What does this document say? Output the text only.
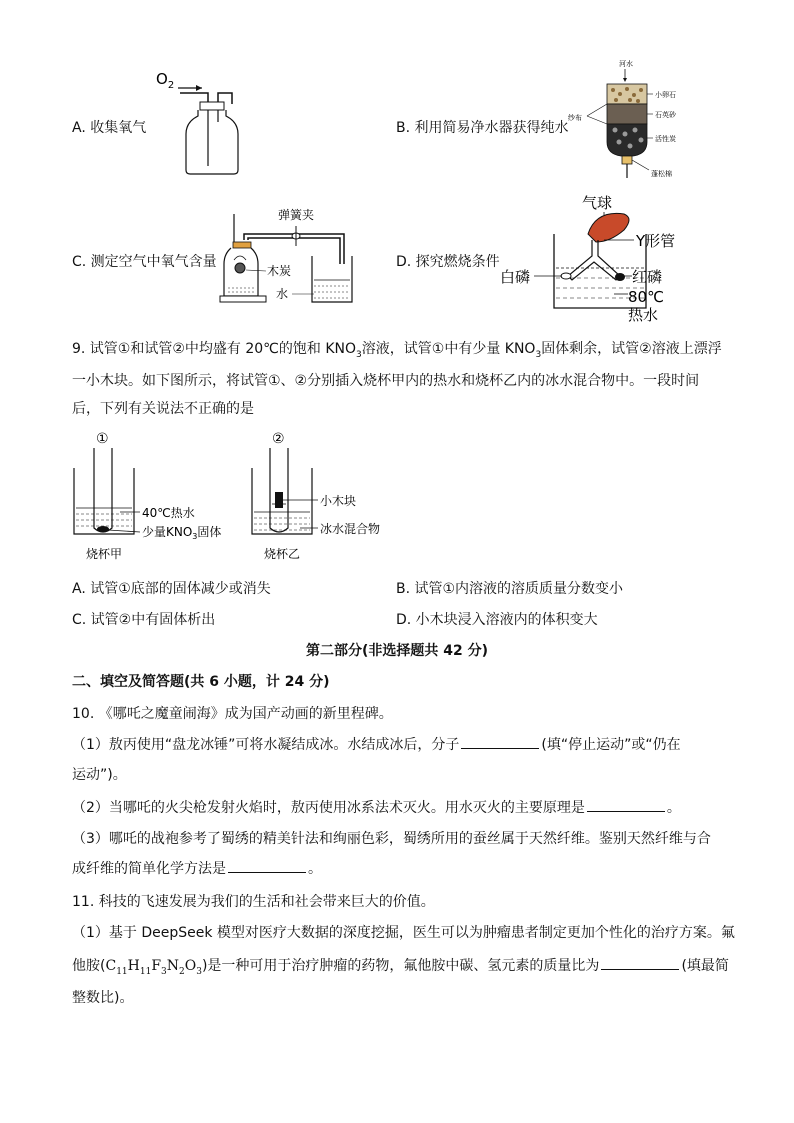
A. 收集氧气
$O_2$
B. 利用简易净水器获得纯水
河水
纱布
小卵石
石英砂
活性炭
蓬松棉
C. 测定空气中氧气含量
弹簧夹
木炭
水
D. 探究燃烧条件
气球
Y形管
白磷	红磷
80℃
热水
9. 试管①和试管②中均盛有 20℃的饱和 $KNO_3$溶液，试管①中有少量 $KNO_3$固体剩余，试管②溶液上漂浮
一小木块。如下图所示，将试管①、②分别插入烧杯甲内的热水和烧杯乙内的冰水混合物中。一段时间
后，下列有关说法不正确的是
①
40℃热水
少量$KNO_3$固体
烧杯甲
②
小木块
冰水混合物
烧杯乙
A. 试管①底部的固体减少或消失	B. 试管①内溶液的溶质质量分数变小
C. 试管②中有固体析出	D. 小木块浸入溶液内的体积变大
第二部分(非选择题共 42 分)
二、填空及简答题(共 6 小题，计 24 分)
10. 《哪吒之魔童闹海》成为国产动画的新里程碑。
（1）敖丙使用“盘龙冰锤”可将水凝结成冰。水结成冰后，分子	(填“停止运动”或“仍在
运动”)。
（2）当哪吒的火尖枪发射火焰时，敖丙使用冰系法术灭火。用水灭火的主要原理是	。
（3）哪吒的战袍参考了蜀绣的精美针法和绚丽色彩，蜀绣所用的蚕丝属于天然纤维。鉴别天然纤维与合
成纤维的简单化学方法是	。
11. 科技的飞速发展为我们的生活和社会带来巨大的价值。
（1）基于 DeepSeek 模型对医疗大数据的深度挖掘，医生可以为肿瘤患者制定更加个性化的治疗方案。氟
他胺$(C_{11}H_{11}F_3N_2O_3)$是一种可用于治疗肿瘤的药物，氟他胺中碳、氢元素的质量比为	(填最简
整数比)。
